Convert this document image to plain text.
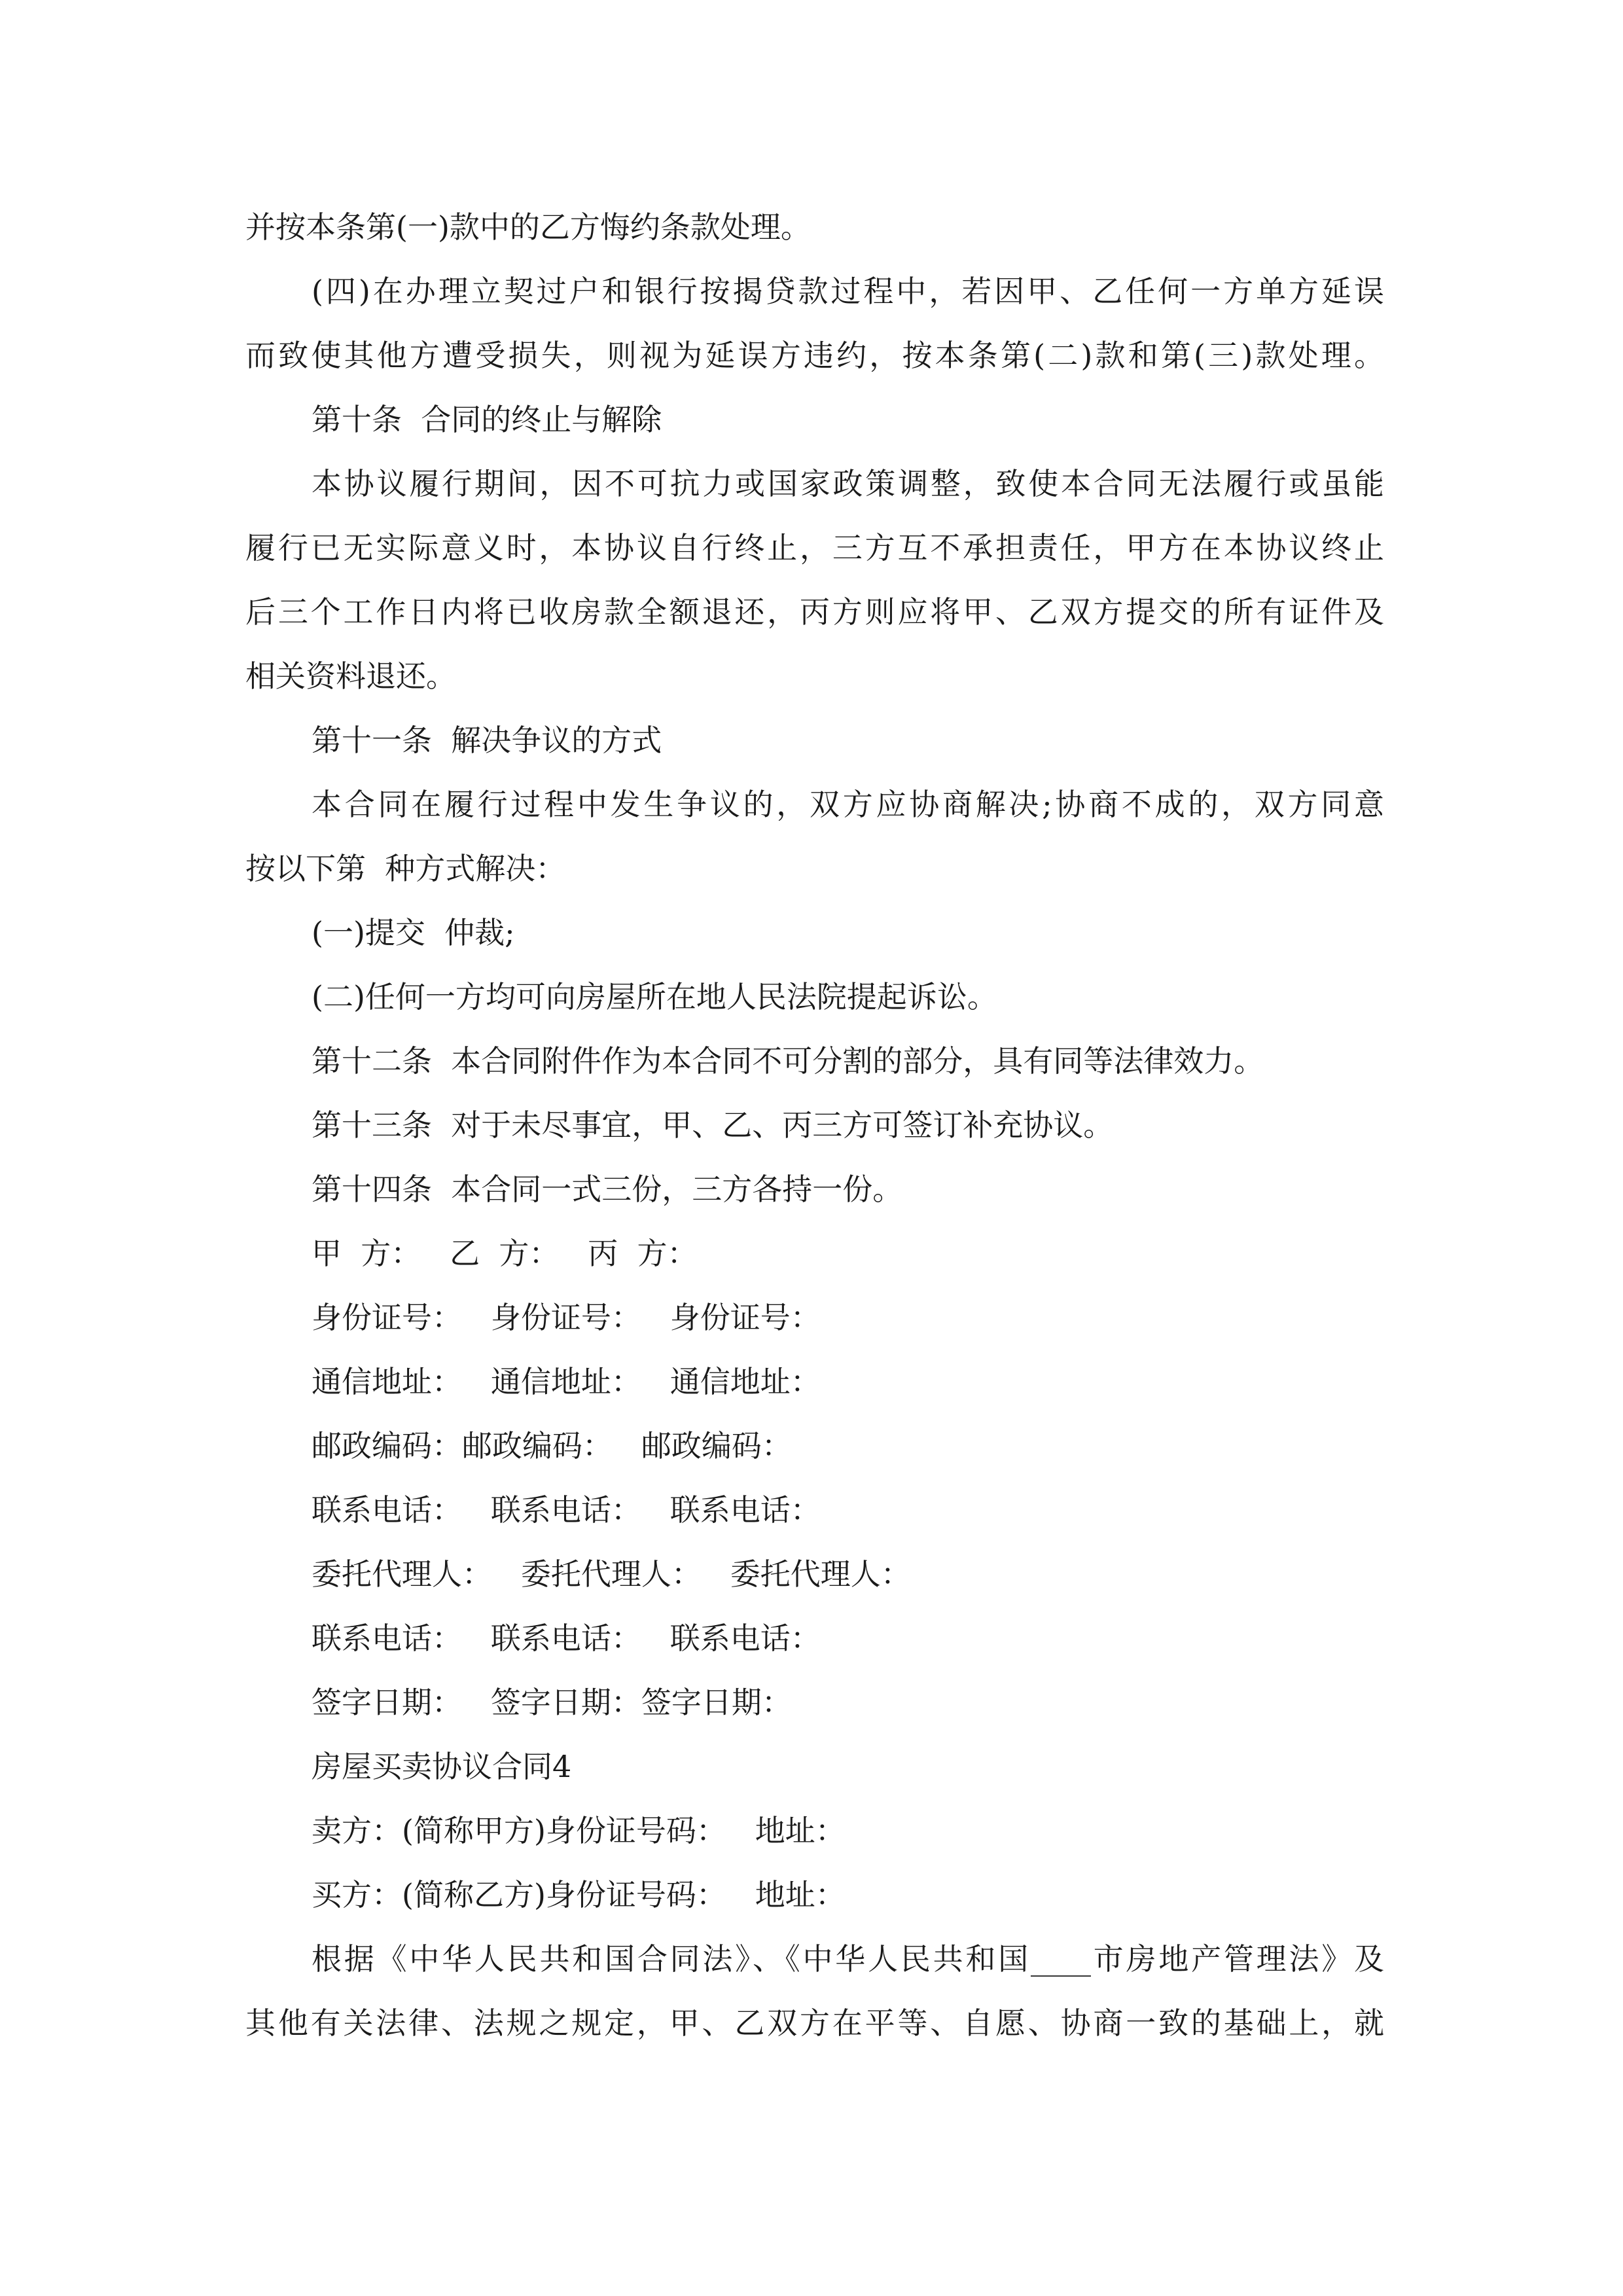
并按本条第(一)款中的乙方悔约条款处理。
(四)在办理立契过户和银行按揭贷款过程中，若因甲、乙任何一方单方延误
而致使其他方遭受损失，则视为延误方违约，按本条第(二)款和第(三)款处理。
第十条  合同的终止与解除
本协议履行期间，因不可抗力或国家政策调整，致使本合同无法履行或虽能
履行已无实际意义时，本协议自行终止，三方互不承担责任，甲方在本协议终止
后三个工作日内将已收房款全额退还，丙方则应将甲、乙双方提交的所有证件及
相关资料退还。
第十一条  解决争议的方式
本合同在履行过程中发生争议的，双方应协商解决;协商不成的，双方同意
按以下第  种方式解决：
(一)提交  仲裁;
(二)任何一方均可向房屋所在地人民法院提起诉讼。
第十二条  本合同附件作为本合同不可分割的部分，具有同等法律效力。
第十三条  对于未尽事宜，甲、乙、丙三方可签订补充协议。
第十四条  本合同一式三份，三方各持一份。
甲  方：   乙  方：   丙  方：
身份证号：   身份证号：   身份证号：
通信地址：   通信地址：   通信地址：
邮政编码：邮政编码：   邮政编码：
联系电话：   联系电话：   联系电话：
委托代理人：   委托代理人：   委托代理人：
联系电话：   联系电话：   联系电话：
签字日期：   签字日期：签字日期：
房屋买卖协议合同4
卖方：(简称甲方)身份证号码：   地址：
买方：(简称乙方)身份证号码：   地址：
根据《中华人民共和国合同法》、《中华人民共和国____市房地产管理法》及
其他有关法律、法规之规定，甲、乙双方在平等、自愿、协商一致的基础上，就
